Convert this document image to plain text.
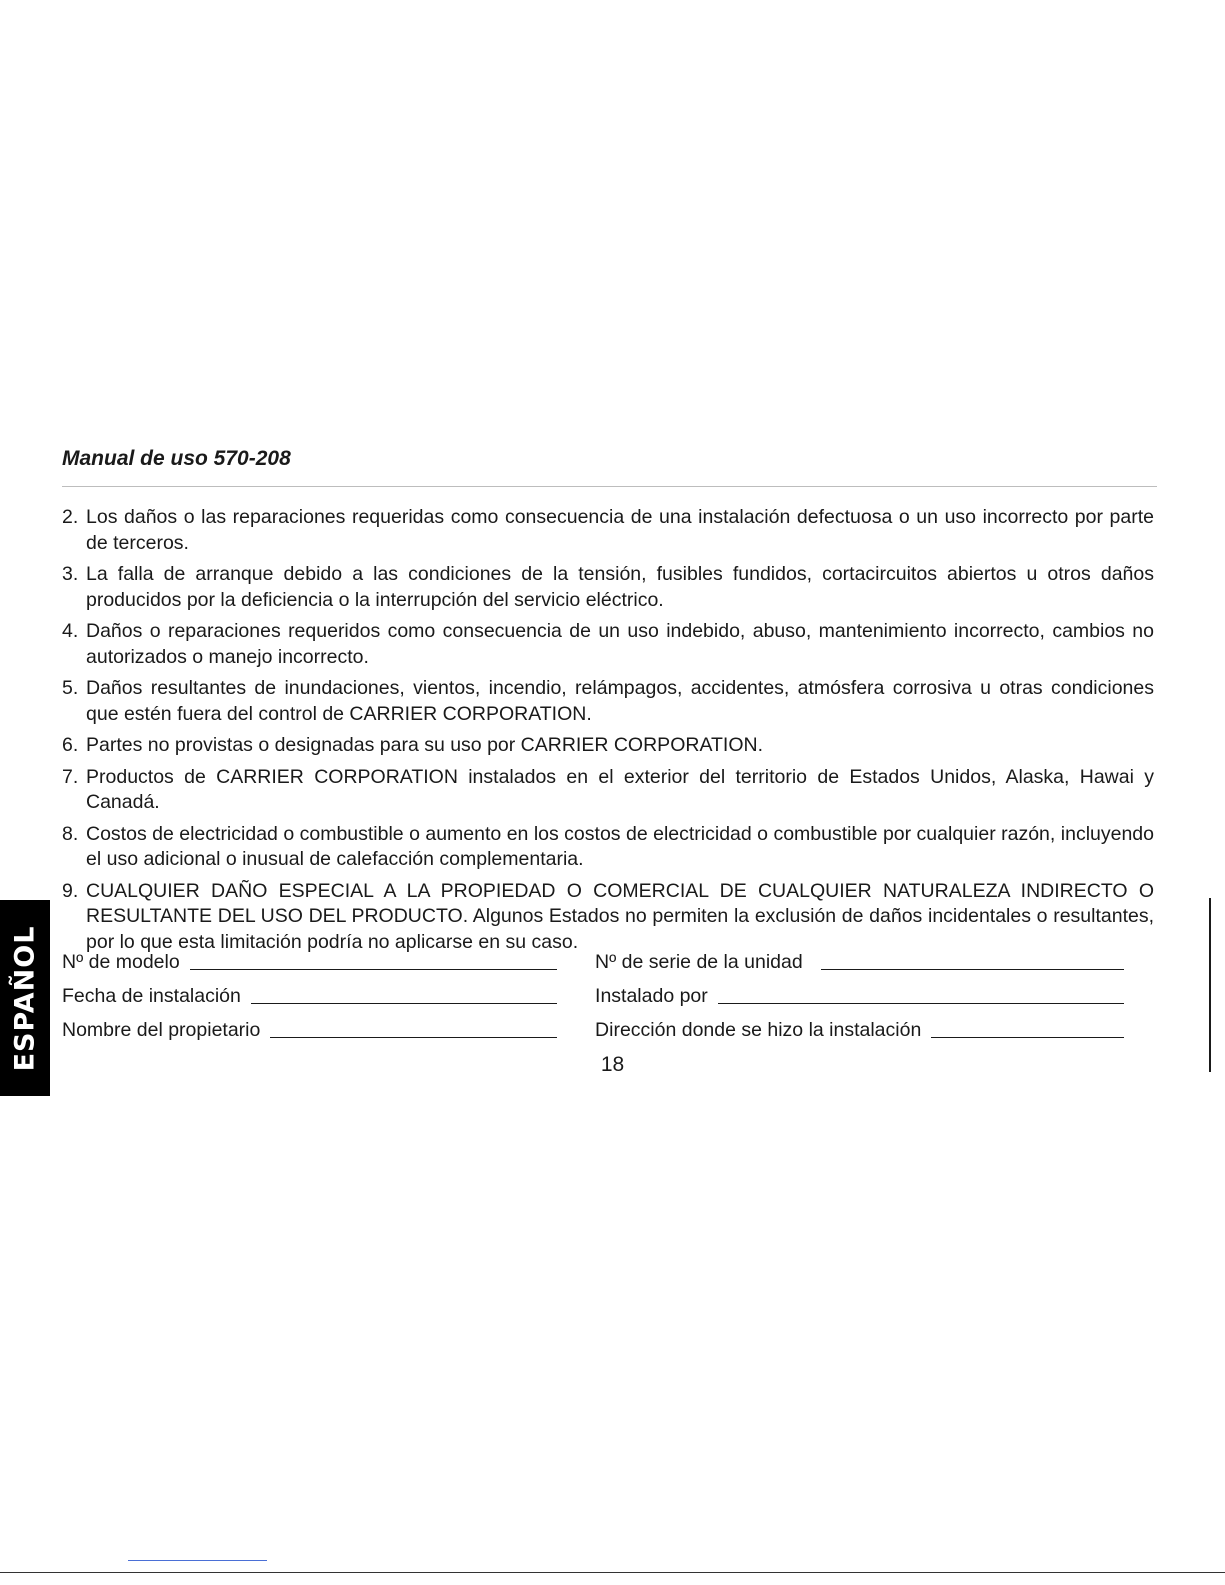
Manual de uso 570-208
2. Los daños o las reparaciones requeridas como consecuencia de una instalación defectuosa o un uso incorrecto por parte de terceros.
3. La falla de arranque debido a las condiciones de la tensión, fusibles fundidos, cortacircuitos abiertos u otros daños producidos por la deficiencia o la interrupción del servicio eléctrico.
4. Daños o reparaciones requeridos como consecuencia de un uso indebido, abuso, mantenimiento incorrecto, cambios no autorizados o manejo incorrecto.
5. Daños resultantes de inundaciones, vientos, incendio, relámpagos, accidentes, atmósfera corrosiva u otras condiciones que estén fuera del control de CARRIER CORPORATION.
6. Partes no provistas o designadas para su uso por CARRIER CORPORATION.
7. Productos de CARRIER CORPORATION instalados en el exterior del territorio de Estados Unidos, Alaska, Hawai y Canadá.
8. Costos de electricidad o combustible o aumento en los costos de electricidad o combustible por cualquier razón, incluyendo el uso adicional o inusual de calefacción complementaria.
9. CUALQUIER DAÑO ESPECIAL A LA PROPIEDAD O COMERCIAL DE CUALQUIER NATURALEZA INDIRECTO O RESULTANTE DEL USO DEL PRODUCTO. Algunos Estados no permiten la exclusión de daños incidentales o resultantes, por lo que esta limitación podría no aplicarse en su caso.
Nº de modelo	Nº de serie de la unidad
Fecha de instalación	Instalado por
Nombre del propietario	Dirección donde se hizo la instalación
ESPAÑOL	18
